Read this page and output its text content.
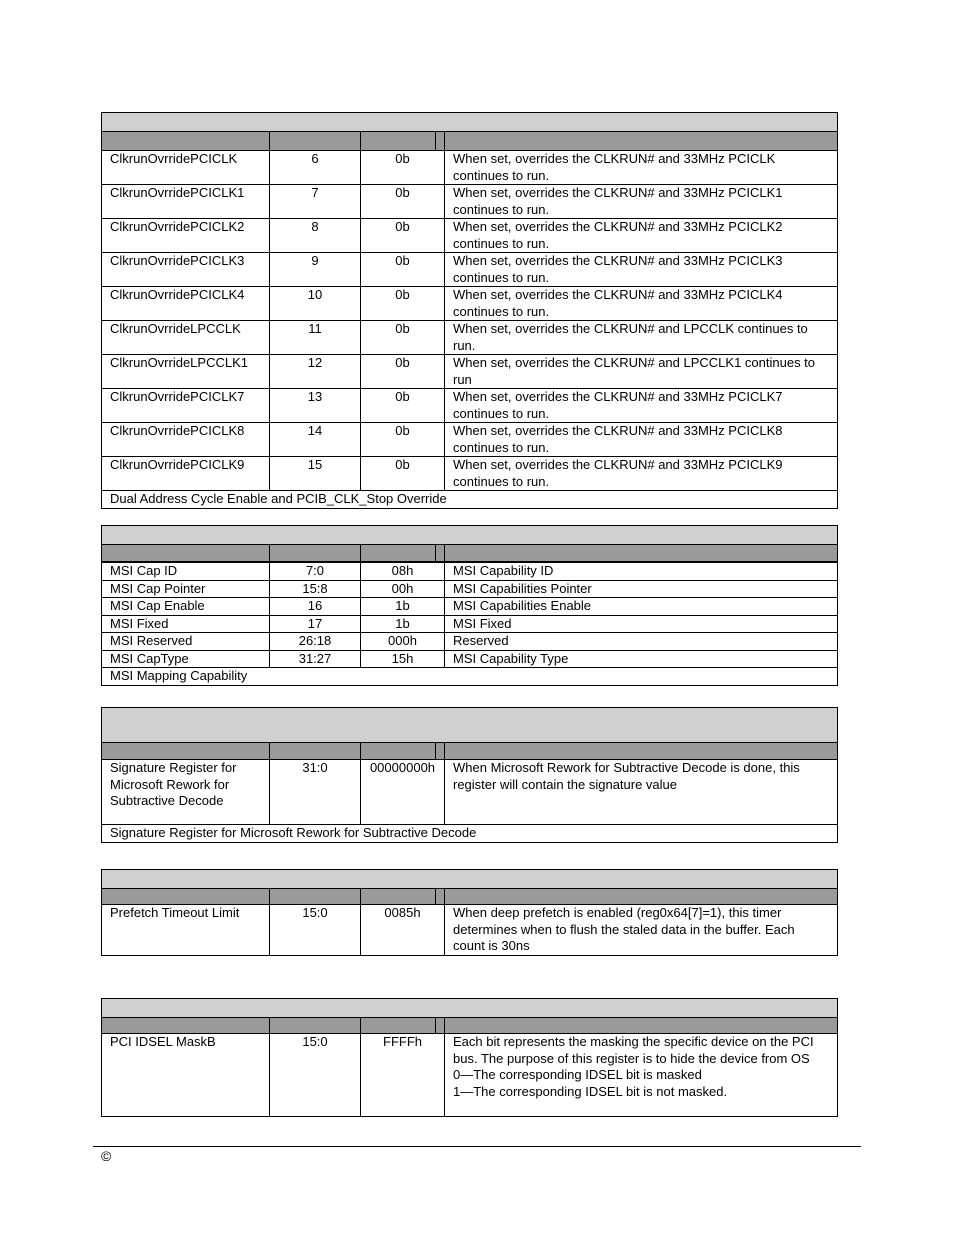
ClkrunOvrridePCICLK	6	0b		When set, overrides the CLKRUN# and 33MHz PCICLK continues to run.
ClkrunOvrridePCICLK1	7	0b		When set, overrides the CLKRUN# and 33MHz PCICLK1 continues to run.
ClkrunOvrridePCICLK2	8	0b		When set, overrides the CLKRUN# and 33MHz PCICLK2 continues to run.
ClkrunOvrridePCICLK3	9	0b		When set, overrides the CLKRUN# and 33MHz PCICLK3 continues to run.
ClkrunOvrridePCICLK4	10	0b		When set, overrides the CLKRUN# and 33MHz PCICLK4 continues to run.
ClkrunOvrrideLPCCLK	11	0b		When set, overrides the CLKRUN# and LPCCLK continues to run.
ClkrunOvrrideLPCCLK1	12	0b		When set, overrides the CLKRUN# and LPCCLK1 continues to run
ClkrunOvrridePCICLK7	13	0b		When set, overrides the CLKRUN# and 33MHz PCICLK7 continues to run.
ClkrunOvrridePCICLK8	14	0b		When set, overrides the CLKRUN# and 33MHz PCICLK8 continues to run.
ClkrunOvrridePCICLK9	15	0b		When set, overrides the CLKRUN# and 33MHz PCICLK9 continues to run.
Dual Address Cycle Enable and PCIB_CLK_Stop Override				

MSI Cap ID	7:0	08h		MSI Capability ID
MSI Cap Pointer	15:8	00h		MSI Capabilities Pointer
MSI Cap Enable	16	1b		MSI Capabilities Enable
MSI Fixed	17	1b		MSI Fixed
MSI Reserved	26:18	000h		Reserved
MSI CapType	31:27	15h		MSI Capability Type
MSI Mapping Capability				

Signature Register for Microsoft Rework for Subtractive Decode	31:0	00000000h		When Microsoft Rework for Subtractive Decode is done, this register will contain the signature value
Signature Register for Microsoft Rework for Subtractive Decode				

Prefetch Timeout Limit	15:0	0085h		When deep prefetch is enabled (reg0x64[7]=1), this timer determines when to flush the staled data in the buffer. Each count is 30ns

PCI IDSEL MaskB	15:0	FFFFh		Each bit represents the masking the specific device on the PCI bus. The purpose of this register is to hide the device from OS
0—The corresponding IDSEL bit is masked
1—The corresponding IDSEL bit is not masked.
©
